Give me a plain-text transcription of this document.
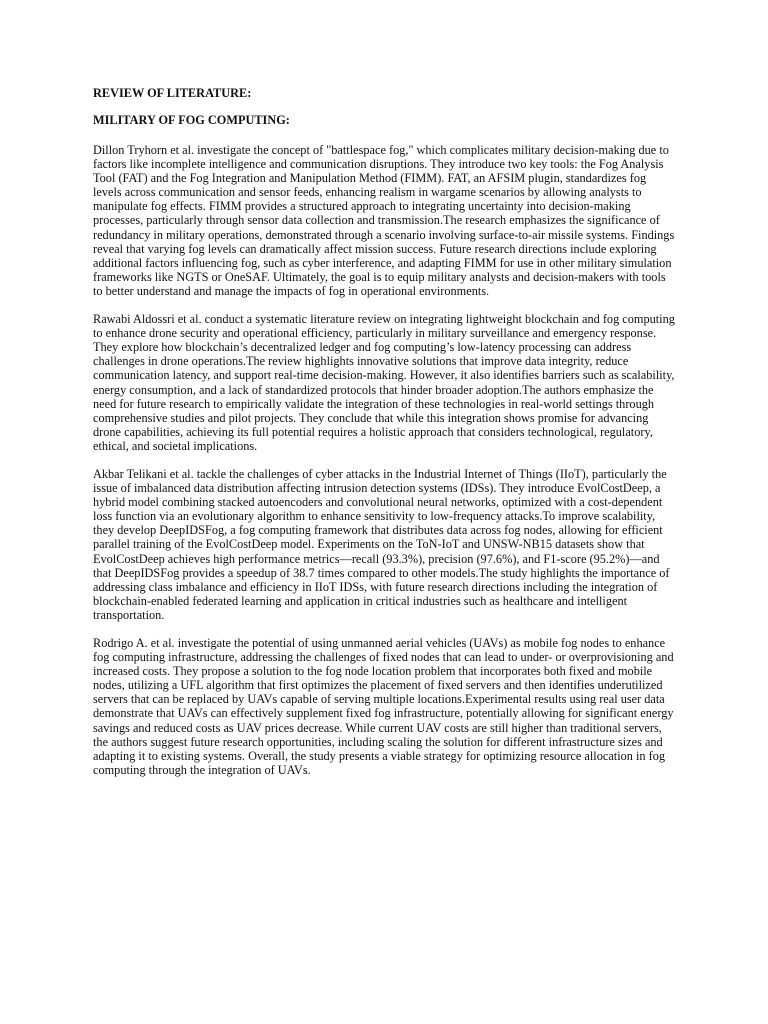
REVIEW OF LITERATURE:

MILITARY OF FOG COMPUTING:

Dillon Tryhorn et al. investigate the concept of "battlespace fog," which complicates military decision-making due to factors like incomplete intelligence and communication disruptions. They introduce two key tools: the Fog Analysis Tool (FAT) and the Fog Integration and Manipulation Method (FIMM). FAT, an AFSIM plugin, standardizes fog levels across communication and sensor feeds, enhancing realism in wargame scenarios by allowing analysts to manipulate fog effects. FIMM provides a structured approach to integrating uncertainty into decision-making processes, particularly through sensor data collection and transmission.The research emphasizes the significance of redundancy in military operations, demonstrated through a scenario involving surface-to-air missile systems. Findings reveal that varying fog levels can dramatically affect mission success. Future research directions include exploring additional factors influencing fog, such as cyber interference, and adapting FIMM for use in other military simulation frameworks like NGTS or OneSAF. Ultimately, the goal is to equip military analysts and decision-makers with tools to better understand and manage the impacts of fog in operational environments.

Rawabi Aldossri et al. conduct a systematic literature review on integrating lightweight blockchain and fog computing to enhance drone security and operational efficiency, particularly in military surveillance and emergency response. They explore how blockchain’s decentralized ledger and fog computing’s low-latency processing can address challenges in drone operations.The review highlights innovative solutions that improve data integrity, reduce communication latency, and support real-time decision-making. However, it also identifies barriers such as scalability, energy consumption, and a lack of standardized protocols that hinder broader adoption.The authors emphasize the need for future research to empirically validate the integration of these technologies in real-world settings through comprehensive studies and pilot projects. They conclude that while this integration shows promise for advancing drone capabilities, achieving its full potential requires a holistic approach that considers technological, regulatory, ethical, and societal implications.

Akbar Telikani et al. tackle the challenges of cyber attacks in the Industrial Internet of Things (IIoT), particularly the issue of imbalanced data distribution affecting intrusion detection systems (IDSs). They introduce EvolCostDeep, a hybrid model combining stacked autoencoders and convolutional neural networks, optimized with a cost-dependent loss function via an evolutionary algorithm to enhance sensitivity to low-frequency attacks.To improve scalability, they develop DeepIDSFog, a fog computing framework that distributes data across fog nodes, allowing for efficient parallel training of the EvolCostDeep model. Experiments on the ToN-IoT and UNSW-NB15 datasets show that EvolCostDeep achieves high performance metrics—recall (93.3%), precision (97.6%), and F1-score (95.2%)—and that DeepIDSFog provides a speedup of 38.7 times compared to other models.The study highlights the importance of addressing class imbalance and efficiency in IIoT IDSs, with future research directions including the integration of blockchain-enabled federated learning and application in critical industries such as healthcare and intelligent transportation.

Rodrigo A. et al. investigate the potential of using unmanned aerial vehicles (UAVs) as mobile fog nodes to enhance fog computing infrastructure, addressing the challenges of fixed nodes that can lead to under- or overprovisioning and increased costs. They propose a solution to the fog node location problem that incorporates both fixed and mobile nodes, utilizing a UFL algorithm that first optimizes the placement of fixed servers and then identifies underutilized servers that can be replaced by UAVs capable of serving multiple locations.Experimental results using real user data demonstrate that UAVs can effectively supplement fixed fog infrastructure, potentially allowing for significant energy savings and reduced costs as UAV prices decrease. While current UAV costs are still higher than traditional servers, the authors suggest future research opportunities, including scaling the solution for different infrastructure sizes and adapting it to existing systems. Overall, the study presents a viable strategy for optimizing resource allocation in fog computing through the integration of UAVs.
